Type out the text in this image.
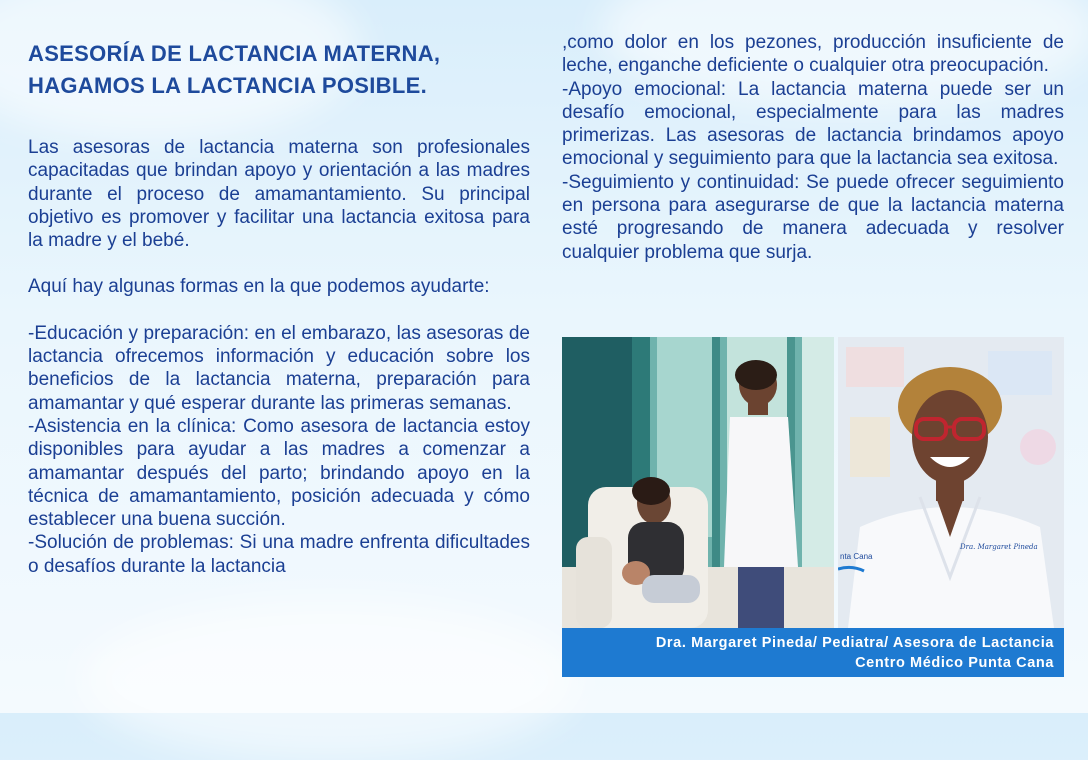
ASESORÍA DE LACTANCIA MATERNA,
HAGAMOS LA LACTANCIA POSIBLE.

Las asesoras de lactancia materna son profesionales capacitadas que brindan apoyo y orientación a las madres durante el proceso de amamantamiento. Su principal objetivo es promover y facilitar una lactancia exitosa para la madre y el bebé.

Aquí hay algunas formas en la que podemos ayudarte:

-Educación y preparación: en el embarazo, las asesoras de lactancia ofrecemos información y educación sobre los beneficios de la lactancia materna, preparación para amamantar y qué esperar durante las primeras semanas.

-Asistencia en la clínica: Como asesora de lactancia estoy disponibles para ayudar a las madres a comenzar a amamantar después del parto; brindando apoyo en la técnica de amamantamiento, posición adecuada y cómo establecer una buena succión.

-Solución de problemas: Si una madre enfrenta dificultades o desafíos durante la lactancia

,como dolor en los pezones, producción insuficiente de leche, enganche deficiente o cualquier otra preocupación.

-Apoyo emocional: La lactancia materna puede ser un desafío emocional, especialmente para las madres primerizas. Las asesoras de lactancia brindamos apoyo emocional y seguimiento para que la lactancia sea exitosa.

-Seguimiento y continuidad: Se puede ofrecer seguimiento en persona para asegurarse de que la lactancia materna esté progresando de manera adecuada y resolver cualquier problema que surja.

Dra. Margaret Pineda
nta Cana
Dra. Margaret Pineda/ Pediatra/ Asesora de Lactancia
Centro Médico Punta Cana
